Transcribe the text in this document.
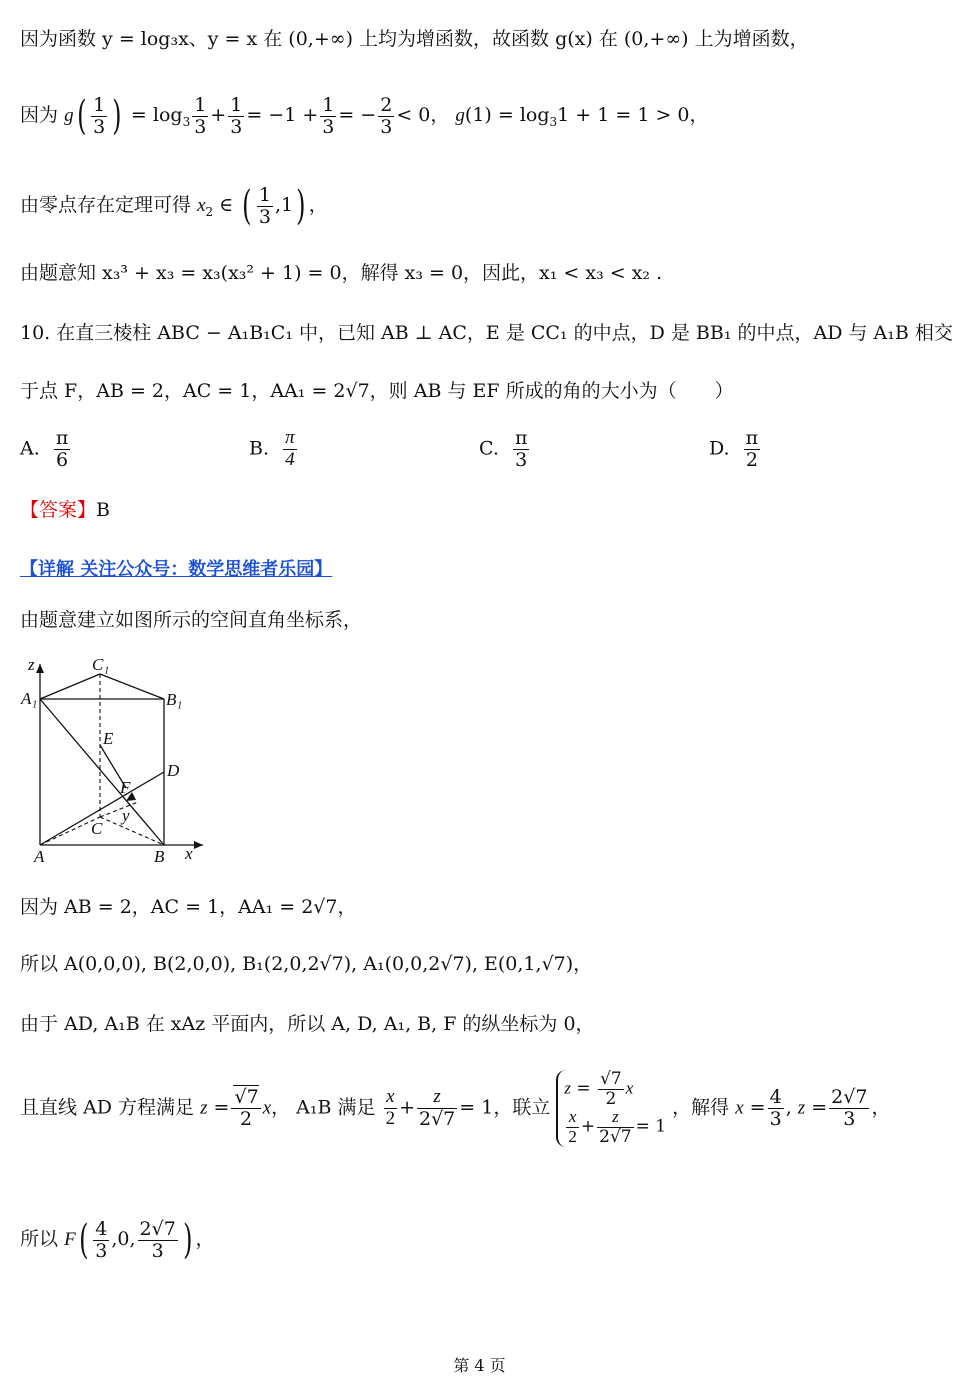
因为函数 y = log₃x、y = x 在 (0,+∞) 上均为增函数，故函数 g(x) 在 (0,+∞) 上为增函数，
因为 $g( \frac{1}{3}$ ) = $\log_3 \frac{1}{3} + \frac{1}{3} = -1 + \frac{1}{3}$ = − $\frac{2}{3} < 0$， $g(1) = \log_31 + 1 = 1 > 0$，
由零点存在定理可得 $x_2$ ∈ ( $\frac{1}{3} ,1$) ，
由题意知 x₃³ + x₃ = x₃(x₃² + 1) = 0，解得 x₃ = 0，因此，x₁ < x₃ < x₂ .
10. 在直三棱柱 ABC − A₁B₁C₁ 中，已知 AB ⊥ AC，E 是 CC₁ 的中点，D 是 BB₁ 的中点，AD 与 A₁B 相交
于点 F，AB = 2，AC = 1，AA₁ = 2√7，则 AB 与 EF 所成的角的大小为（　　）
A. $\frac{\pi}{6}$	B. $\frac{\pi}{4}$	C. $\frac{\pi}{3}$	D. $\frac{\pi}{2}$
【答案】B
【详解 关注公众号：数学思维者乐园】
由题意建立如图所示的空间直角坐标系，
z	C₁
A₁	B₁
E
D
F
C
y
A	B x
因为 AB = 2，AC = 1，AA₁ = 2√7，
所以 A(0,0,0), B(2,0,0), B₁(2,0,2√7), A₁(0,0,2√7), E(0,1,√7)，
由于 AD, A₁B 在 xAz 平面内，所以 A, D, A₁, B, F 的纵坐标为 0，
且直线 AD 方程满足 $z = \frac{√7}{2}$ x， A₁B 满足 $\frac{x}{2} + \frac{z}{2√7} = 1$，联立
$z = \frac{√7}{2}$ x
$\frac{x}{2} + \frac{z}{2√7} = 1$
，解得 $x = \frac{4}{3}$ , $z = \frac{2√7}{3}$ ，
所以 $F( \frac{4}{3} ,0$, $\frac{2√7}{3}$ ) ，
第 4 页
